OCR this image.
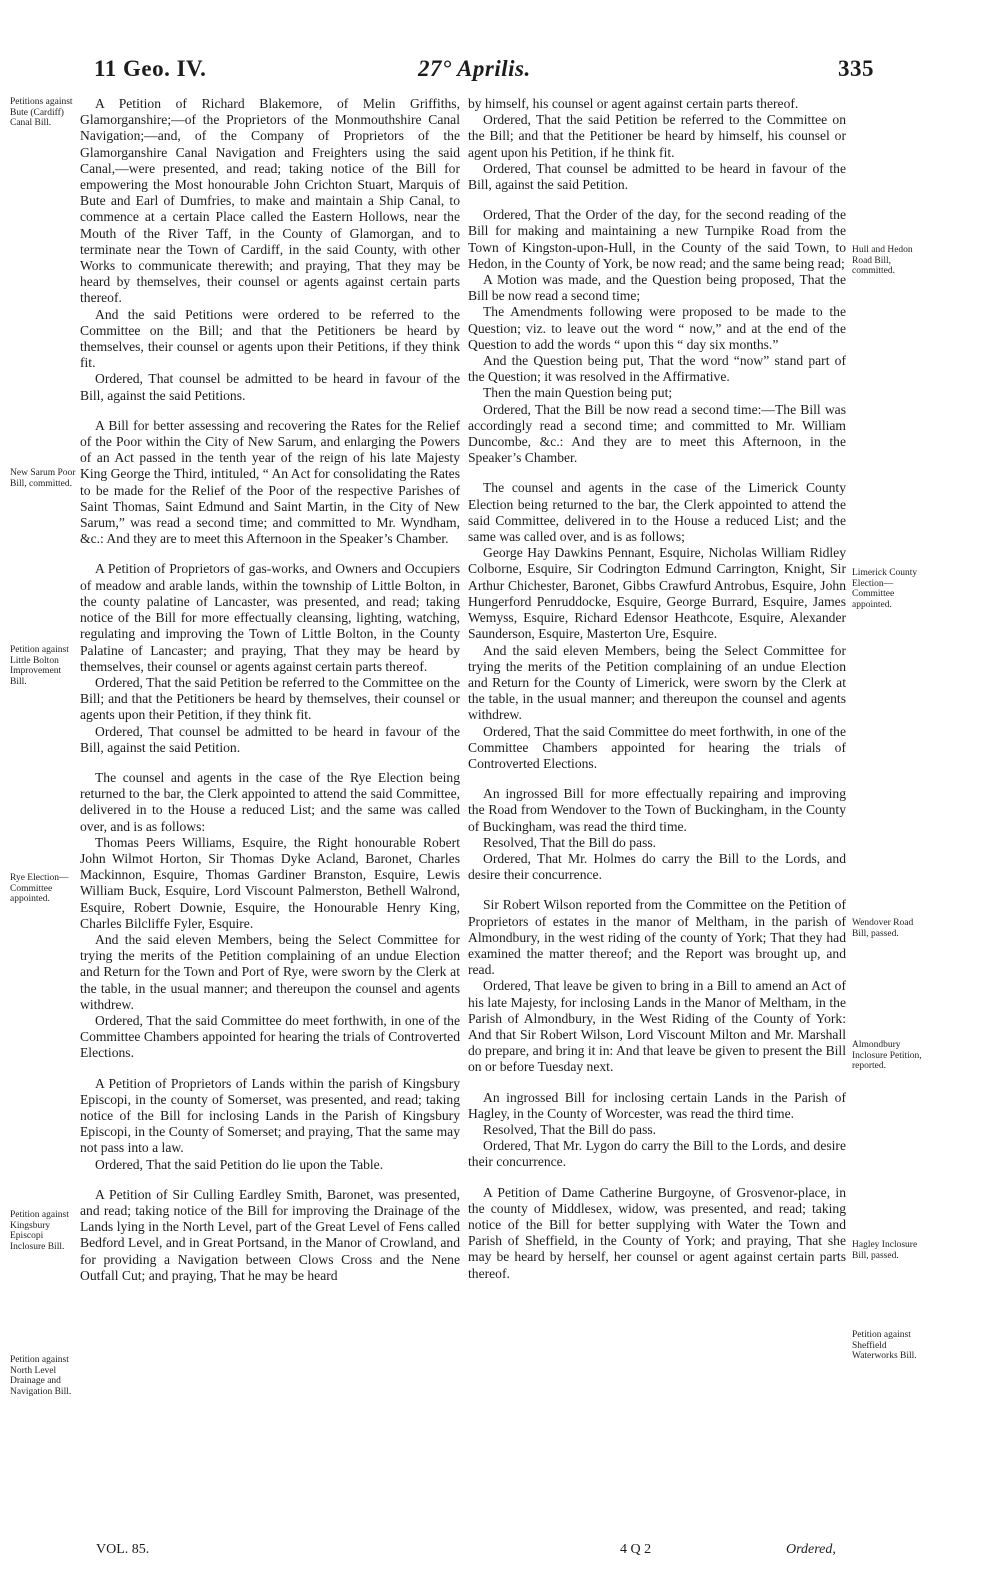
11 Geo. IV.	27° Aprilis.	335
Petitions against Bute (Cardiff) Canal Bill.
New Sarum Poor Bill, committed.
Petition against Little Bolton Improvement Bill.
Rye Election—Committee appointed.
Petition against Kingsbury Episcopi Inclosure Bill.
Petition against North Level Drainage and Navigation Bill.
Hull and Hedon Road Bill, committed.
Limerick County Election—Committee appointed.
Wendover Road Bill, passed.
Almondbury Inclosure Petition, reported.
Hagley Inclosure Bill, passed.
Petition against Sheffield Waterworks Bill.

A Petition of Richard Blakemore, of Melin Griffiths, Glamorganshire;—of the Proprietors of the Monmouthshire Canal Navigation;—and, of the Company of Proprietors of the Glamorganshire Canal Navigation and Freighters using the said Canal,—were presented, and read; taking notice of the Bill for empowering the Most honourable John Crichton Stuart, Marquis of Bute and Earl of Dumfries, to make and maintain a Ship Canal, to commence at a certain Place called the Eastern Hollows, near the Mouth of the River Taff, in the County of Glamorgan, and to terminate near the Town of Cardiff, in the said County, with other Works to communicate therewith; and praying, That they may be heard by themselves, their counsel or agents against certain parts thereof.

And the said Petitions were ordered to be referred to the Committee on the Bill; and that the Petitioners be heard by themselves, their counsel or agents upon their Petitions, if they think fit.

Ordered, That counsel be admitted to be heard in favour of the Bill, against the said Petitions.

A Bill for better assessing and recovering the Rates for the Relief of the Poor within the City of New Sarum, and enlarging the Powers of an Act passed in the tenth year of the reign of his late Majesty King George the Third, intituled, “ An Act for consolidating the Rates to be made for the Relief of the Poor of the respective Parishes of Saint Thomas, Saint Edmund and Saint Martin, in the City of New Sarum,” was read a second time; and committed to Mr. Wyndham, &c.: And they are to meet this Afternoon in the Speaker’s Chamber.

A Petition of Proprietors of gas-works, and Owners and Occupiers of meadow and arable lands, within the township of Little Bolton, in the county palatine of Lancaster, was presented, and read; taking notice of the Bill for more effectually cleansing, lighting, watching, regulating and improving the Town of Little Bolton, in the County Palatine of Lancaster; and praying, That they may be heard by themselves, their counsel or agents against certain parts thereof.

Ordered, That the said Petition be referred to the Committee on the Bill; and that the Petitioners be heard by themselves, their counsel or agents upon their Petition, if they think fit.

Ordered, That counsel be admitted to be heard in favour of the Bill, against the said Petition.

The counsel and agents in the case of the Rye Election being returned to the bar, the Clerk appointed to attend the said Committee, delivered in to the House a reduced List; and the same was called over, and is as follows:

Thomas Peers Williams, Esquire, the Right honourable Robert John Wilmot Horton, Sir Thomas Dyke Acland, Baronet, Charles Mackinnon, Esquire, Thomas Gardiner Branston, Esquire, Lewis William Buck, Esquire, Lord Viscount Palmerston, Bethell Walrond, Esquire, Robert Downie, Esquire, the Honourable Henry King, Charles Bilcliffe Fyler, Esquire.

And the said eleven Members, being the Select Committee for trying the merits of the Petition complaining of an undue Election and Return for the Town and Port of Rye, were sworn by the Clerk at the table, in the usual manner; and thereupon the counsel and agents withdrew.

Ordered, That the said Committee do meet forthwith, in one of the Committee Chambers appointed for hearing the trials of Controverted Elections.

A Petition of Proprietors of Lands within the parish of Kingsbury Episcopi, in the county of Somerset, was presented, and read; taking notice of the Bill for inclosing Lands in the Parish of Kingsbury Episcopi, in the County of Somerset; and praying, That the same may not pass into a law.

Ordered, That the said Petition do lie upon the Table.

A Petition of Sir Culling Eardley Smith, Baronet, was presented, and read; taking notice of the Bill for improving the Drainage of the Lands lying in the North Level, part of the Great Level of Fens called Bedford Level, and in Great Portsand, in the Manor of Crowland, and for providing a Navigation between Clows Cross and the Nene Outfall Cut; and praying, That he may be heard

by himself, his counsel or agent against certain parts thereof.

Ordered, That the said Petition be referred to the Committee on the Bill; and that the Petitioner be heard by himself, his counsel or agent upon his Petition, if he think fit.

Ordered, That counsel be admitted to be heard in favour of the Bill, against the said Petition.

Ordered, That the Order of the day, for the second reading of the Bill for making and maintaining a new Turnpike Road from the Town of Kingston-upon-Hull, in the County of the said Town, to Hedon, in the County of York, be now read; and the same being read;

A Motion was made, and the Question being proposed, That the Bill be now read a second time;

The Amendments following were proposed to be made to the Question; viz. to leave out the word “ now,” and at the end of the Question to add the words “ upon this “ day six months.”

And the Question being put, That the word “now” stand part of the Question; it was resolved in the Affirmative.

Then the main Question being put;

Ordered, That the Bill be now read a second time:—The Bill was accordingly read a second time; and committed to Mr. William Duncombe, &c.: And they are to meet this Afternoon, in the Speaker’s Chamber.

The counsel and agents in the case of the Limerick County Election being returned to the bar, the Clerk appointed to attend the said Committee, delivered in to the House a reduced List; and the same was called over, and is as follows;

George Hay Dawkins Pennant, Esquire, Nicholas William Ridley Colborne, Esquire, Sir Codrington Edmund Carrington, Knight, Sir Arthur Chichester, Baronet, Gibbs Crawfurd Antrobus, Esquire, John Hungerford Penruddocke, Esquire, George Burrard, Esquire, James Wemyss, Esquire, Richard Edensor Heathcote, Esquire, Alexander Saunderson, Esquire, Masterton Ure, Esquire.

And the said eleven Members, being the Select Committee for trying the merits of the Petition complaining of an undue Election and Return for the County of Limerick, were sworn by the Clerk at the table, in the usual manner; and thereupon the counsel and agents withdrew.

Ordered, That the said Committee do meet forthwith, in one of the Committee Chambers appointed for hearing the trials of Controverted Elections.

An ingrossed Bill for more effectually repairing and improving the Road from Wendover to the Town of Buckingham, in the County of Buckingham, was read the third time.

Resolved, That the Bill do pass.

Ordered, That Mr. Holmes do carry the Bill to the Lords, and desire their concurrence.

Sir Robert Wilson reported from the Committee on the Petition of Proprietors of estates in the manor of Meltham, in the parish of Almondbury, in the west riding of the county of York; That they had examined the matter thereof; and the Report was brought up, and read.

Ordered, That leave be given to bring in a Bill to amend an Act of his late Majesty, for inclosing Lands in the Manor of Meltham, in the Parish of Almondbury, in the West Riding of the County of York: And that Sir Robert Wilson, Lord Viscount Milton and Mr. Marshall do prepare, and bring it in: And that leave be given to present the Bill on or before Tuesday next.

An ingrossed Bill for inclosing certain Lands in the Parish of Hagley, in the County of Worcester, was read the third time.

Resolved, That the Bill do pass.

Ordered, That Mr. Lygon do carry the Bill to the Lords, and desire their concurrence.

A Petition of Dame Catherine Burgoyne, of Grosvenor-place, in the county of Middlesex, widow, was presented, and read; taking notice of the Bill for better supplying with Water the Town and Parish of Sheffield, in the County of York; and praying, That she may be heard by herself, her counsel or agent against certain parts thereof.

VOL. 85.	4 Q 2	Ordered,
